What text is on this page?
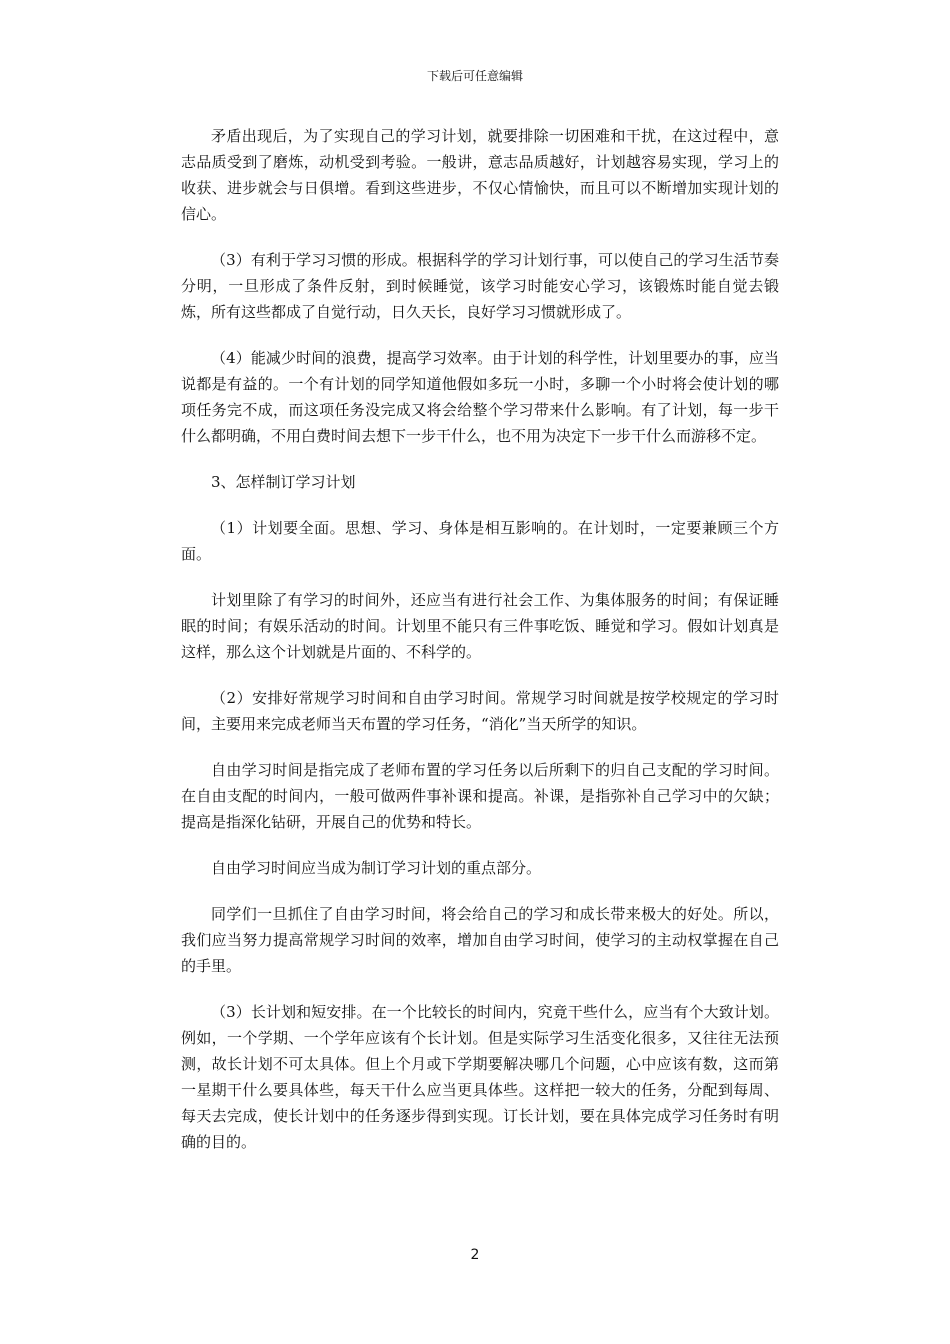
下载后可任意编辑

矛盾出现后，为了实现自己的学习计划，就要排除一切困难和干扰，在这过程中，意志品质受到了磨炼，动机受到考验。一般讲，意志品质越好，计划越容易实现，学习上的收获、进步就会与日俱增。看到这些进步，不仅心情愉快，而且可以不断增加实现计划的信心。

（3）有利于学习习惯的形成。根据科学的学习计划行事，可以使自己的学习生活节奏分明，一旦形成了条件反射，到时候睡觉，该学习时能安心学习，该锻炼时能自觉去锻炼，所有这些都成了自觉行动，日久天长，良好学习习惯就形成了。

（4）能减少时间的浪费，提高学习效率。由于计划的科学性，计划里要办的事，应当说都是有益的。一个有计划的同学知道他假如多玩一小时，多聊一个小时将会使计划的哪项任务完不成，而这项任务没完成又将会给整个学习带来什么影响。有了计划，每一步干什么都明确，不用白费时间去想下一步干什么，也不用为决定下一步干什么而游移不定。

3、怎样制订学习计划

（1）计划要全面。思想、学习、身体是相互影响的。在计划时，一定要兼顾三个方面。

计划里除了有学习的时间外，还应当有进行社会工作、为集体服务的时间；有保证睡眠的时间；有娱乐活动的时间。计划里不能只有三件事吃饭、睡觉和学习。假如计划真是这样，那么这个计划就是片面的、不科学的。

（2）安排好常规学习时间和自由学习时间。常规学习时间就是按学校规定的学习时间，主要用来完成老师当天布置的学习任务，“消化”当天所学的知识。

自由学习时间是指完成了老师布置的学习任务以后所剩下的归自己支配的学习时间。在自由支配的时间内，一般可做两件事补课和提高。补课，是指弥补自己学习中的欠缺；提高是指深化钻研，开展自己的优势和特长。

自由学习时间应当成为制订学习计划的重点部分。

同学们一旦抓住了自由学习时间，将会给自己的学习和成长带来极大的好处。所以，我们应当努力提高常规学习时间的效率，增加自由学习时间，使学习的主动权掌握在自己的手里。

（3）长计划和短安排。在一个比较长的时间内，究竟干些什么，应当有个大致计划。例如，一个学期、一个学年应该有个长计划。但是实际学习生活变化很多，又往往无法预测，故长计划不可太具体。但上个月或下学期要解决哪几个问题，心中应该有数，这而第一星期干什么要具体些，每天干什么应当更具体些。这样把一较大的任务，分配到每周、每天去完成，使长计划中的任务逐步得到实现。订长计划，要在具体完成学习任务时有明确的目的。

2
